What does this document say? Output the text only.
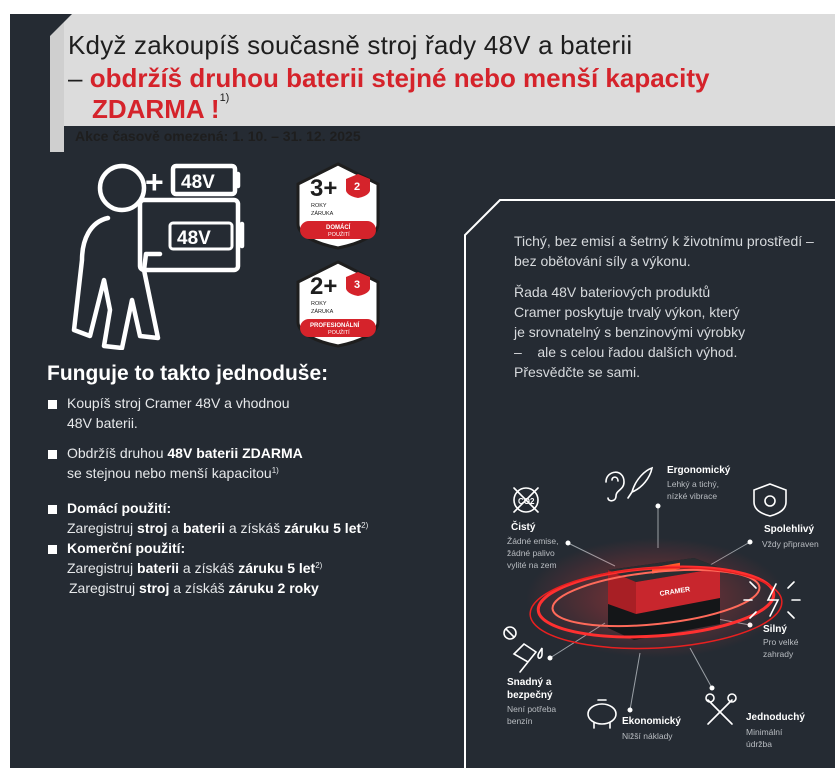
Když zakoupíš současně stroj řady 48V a baterii
– obdržíš druhou baterii stejné nebo menší kapacity
ZDARMA !$^{1)}$
Akce časově omezená: 1. 10. – 31. 12. 2025

Tichý, bez emisí a šetrný k životnímu prostředí – bez obětování síly a výkonu.

Řada 48V bateriových produktů
Cramer poskytuje trvalý výkon, který
je srovnatelný s benzinovými výrobky
–    ale s celou řadou dalších výhod.
Přesvědčte se sami.

+ 48V
48V
3+ 2
ROKY
ZÁRUKA
DOMÁCÍ
POUŽITÍ
2+ 3
ROKY
ZÁRUKA
PROFESIONÁLNÍ
POUŽITÍ
Funguje to takto jednoduše:
Koupíš stroj Cramer 48V a vhodnou
48V baterii.
Obdržíš druhou 48V baterii ZDARMA
se stejnou nebo menší kapacitou$^{1)}$
Domácí použití:
Zaregistruj stroj a baterii a získáš záruku 5 let$^{2)}$
Komerční použití:
Zaregistruj baterii a získáš záruku 5 let$^{2)}$
Zaregistruj stroj a získáš záruku 2 roky	CRAMER
CO2
Ergonomický
Lehký a tichý,
nízké vibrace
Čistý
Žádné emise,
žádné palivo
vylité na zem
Spolehlivý
Vždy připraven
Silný
Pro velké
zahrady
Snadný a
bezpečný
Není potřeba
benzín	Ekonomický
Nižší náklady
Jednoduchý
Minimální
údržba
